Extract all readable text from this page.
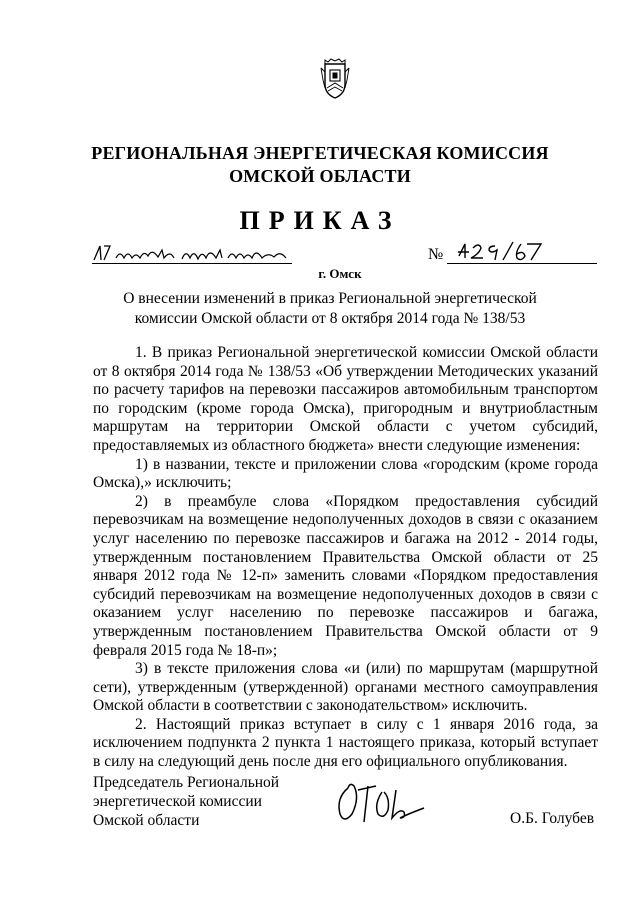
РЕГИОНАЛЬНАЯ ЭНЕРГЕТИЧЕСКАЯ КОМИССИЯ
ОМСКОЙ ОБЛАСТИ
ПРИКАЗ
№
г. Омск
О внесении изменений в приказ Региональной энергетической
комиссии Омской области от 8 октября 2014 года № 138/53

1. В приказ Региональной энергетической комиссии Омской области от 8 октября 2014 года № 138/53 «Об утверждении Методических указаний по расчету тарифов на перевозки пассажиров автомобильным транспортом по городским (кроме города Омска), пригородным и внутриобластным маршрутам на территории Омской области с учетом субсидий, предоставляемых из областного бюджета» внести следующие изменения:

1) в названии, тексте и приложении слова «городским (кроме города Омска),» исключить;

2) в преамбуле слова «Порядком предоставления субсидий перевозчикам на возмещение недополученных доходов в связи с оказанием услуг населению по перевозке пассажиров и багажа на 2012 - 2014 годы, утвержденным постановлением Правительства Омской области от 25 января 2012 года № 12-п» заменить словами «Порядком предоставления субсидий перевозчикам на возмещение недополученных доходов в связи с оказанием услуг населению по перевозке пассажиров и багажа, утвержденным постановлением Правительства Омской области от 9 февраля 2015 года № 18-п»;

3) в тексте приложения слова «и (или) по маршрутам (маршрутной сети), утвержденным (утвержденной) органами местного самоуправления Омской области в соответствии с законодательством» исключить.

2. Настоящий приказ вступает в силу с 1 января 2016 года, за исключением подпункта 2 пункта 1 настоящего приказа, который вступает в силу на следующий день после дня его официального опубликования.

Председатель Региональной
энергетической комиссии
Омской области	О.Б. Голубев
